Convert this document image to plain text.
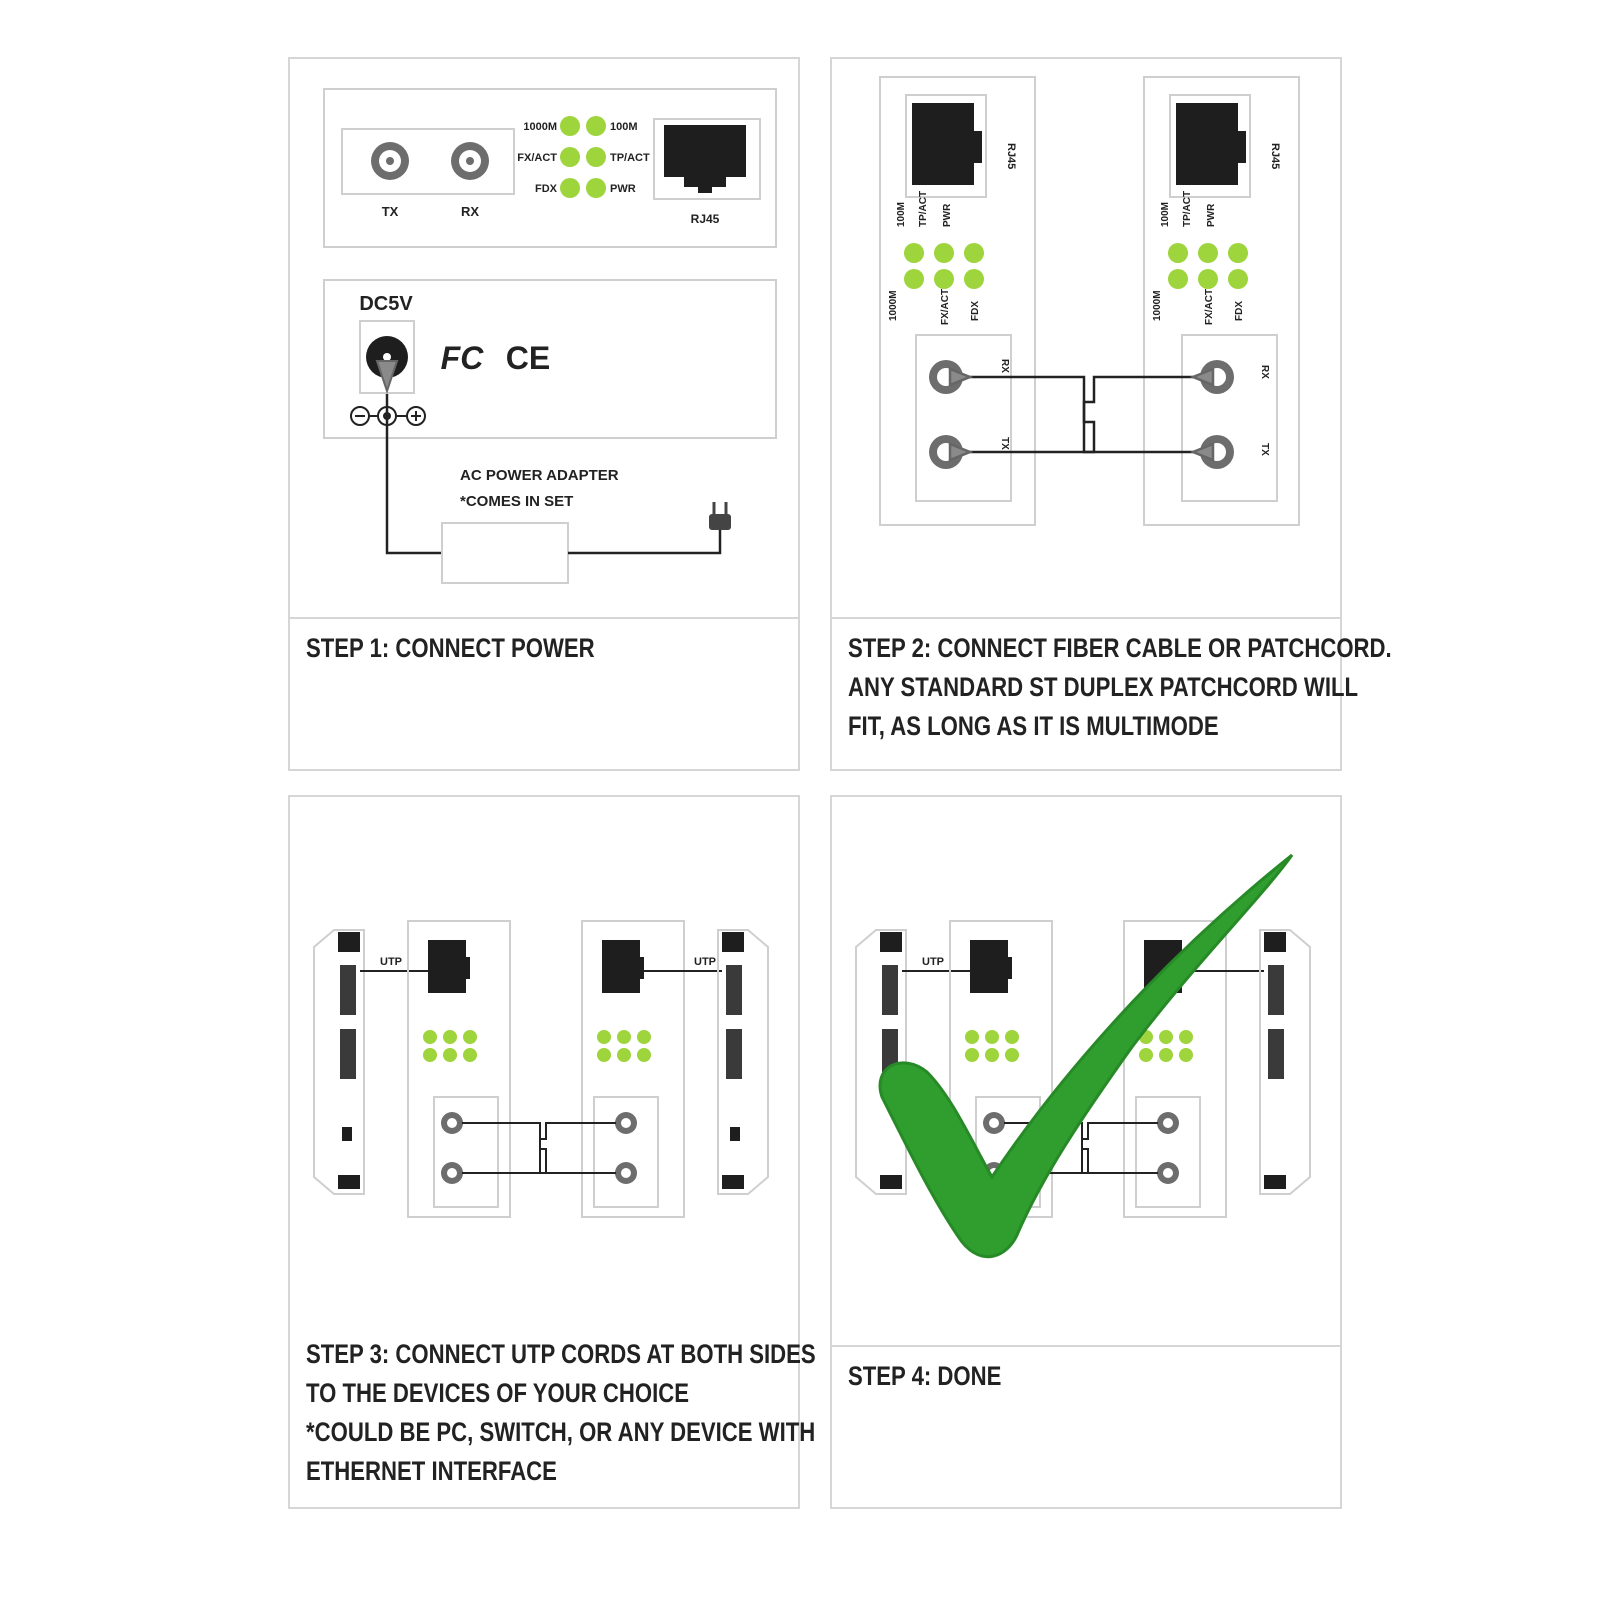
TX	RX
1000M	100M
FX/ACT	TP/ACT
FDX	PWR
RJ45
DC5V
FC CE
AC POWER ADAPTER
*COMES IN SET
STEP 1: CONNECT POWER
RJ45
100M TP/ACT PWR
1000M	FX/ACT FDX
RX
TX
RJ45
100M TP/ACT PWR
1000M	FX/ACT FDX
RX
TX
STEP 2: CONNECT FIBER CABLE OR PATCHCORD.
ANY STANDARD ST DUPLEX PATCHCORD WILL
FIT, AS LONG AS IT IS MULTIMODE
UTP	UTP
STEP 3: CONNECT UTP CORDS AT BOTH SIDES
TO THE DEVICES OF YOUR CHOICE
*COULD BE PC, SWITCH, OR ANY DEVICE WITH
ETHERNET INTERFACE
UTP
STEP 4: DONE
